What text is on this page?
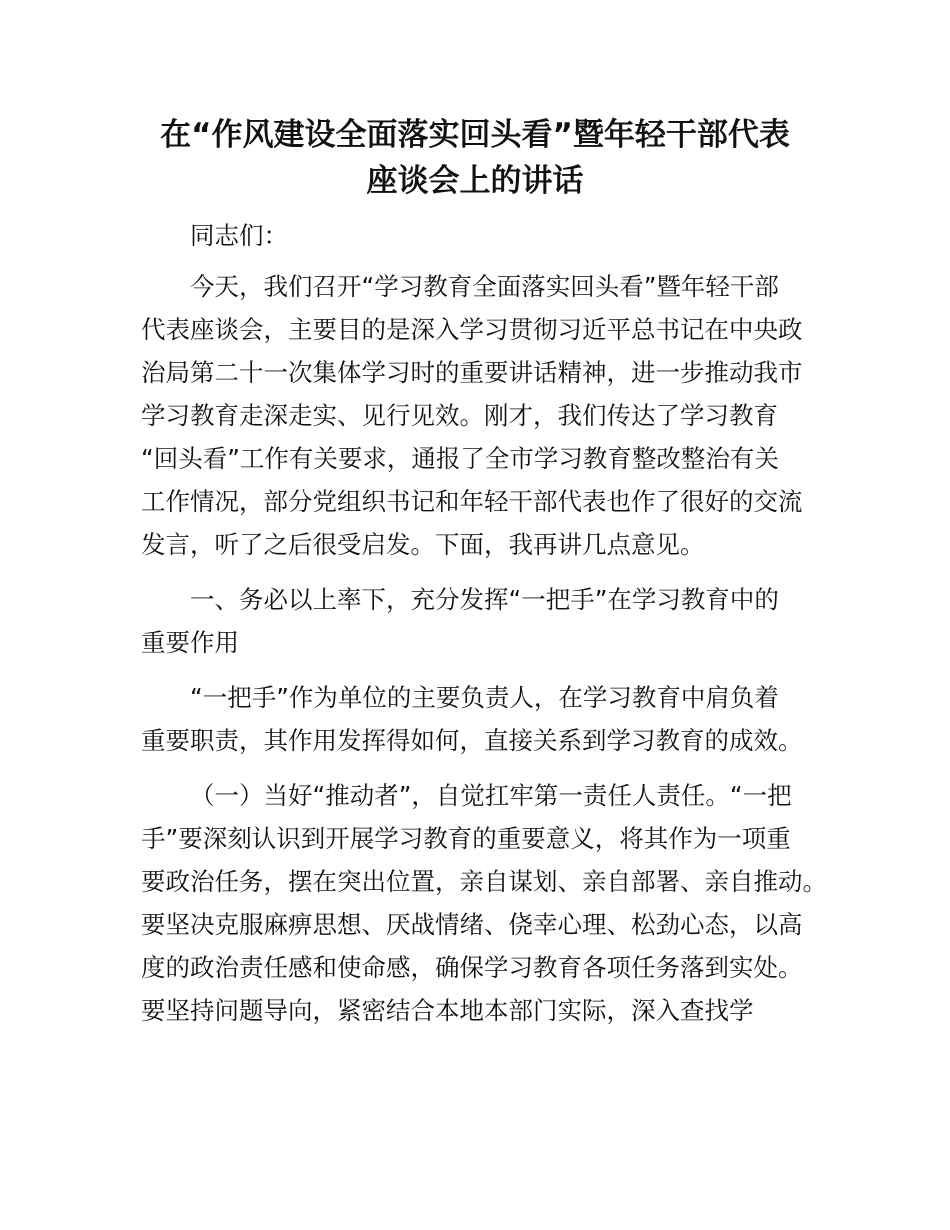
在“作风建设全面落实回头看”暨年轻干部代表
座谈会上的讲话
同志们：
今天，我们召开“学习教育全面落实回头看”暨年轻干部
代表座谈会，主要目的是深入学习贯彻习近平总书记在中央政
治局第二十一次集体学习时的重要讲话精神，进一步推动我市
学习教育走深走实、见行见效。刚才，我们传达了学习教育
“回头看”工作有关要求，通报了全市学习教育整改整治有关
工作情况，部分党组织书记和年轻干部代表也作了很好的交流
发言，听了之后很受启发。下面，我再讲几点意见。
一、务必以上率下，充分发挥“一把手”在学习教育中的
重要作用
“一把手”作为单位的主要负责人，在学习教育中肩负着
重要职责，其作用发挥得如何，直接关系到学习教育的成效。
（一）当好“推动者”，自觉扛牢第一责任人责任。“一把
手”要深刻认识到开展学习教育的重要意义，将其作为一项重
要政治任务，摆在突出位置，亲自谋划、亲自部署、亲自推动。
要坚决克服麻痹思想、厌战情绪、侥幸心理、松劲心态，以高
度的政治责任感和使命感，确保学习教育各项任务落到实处。
要坚持问题导向，紧密结合本地本部门实际，深入查找学
